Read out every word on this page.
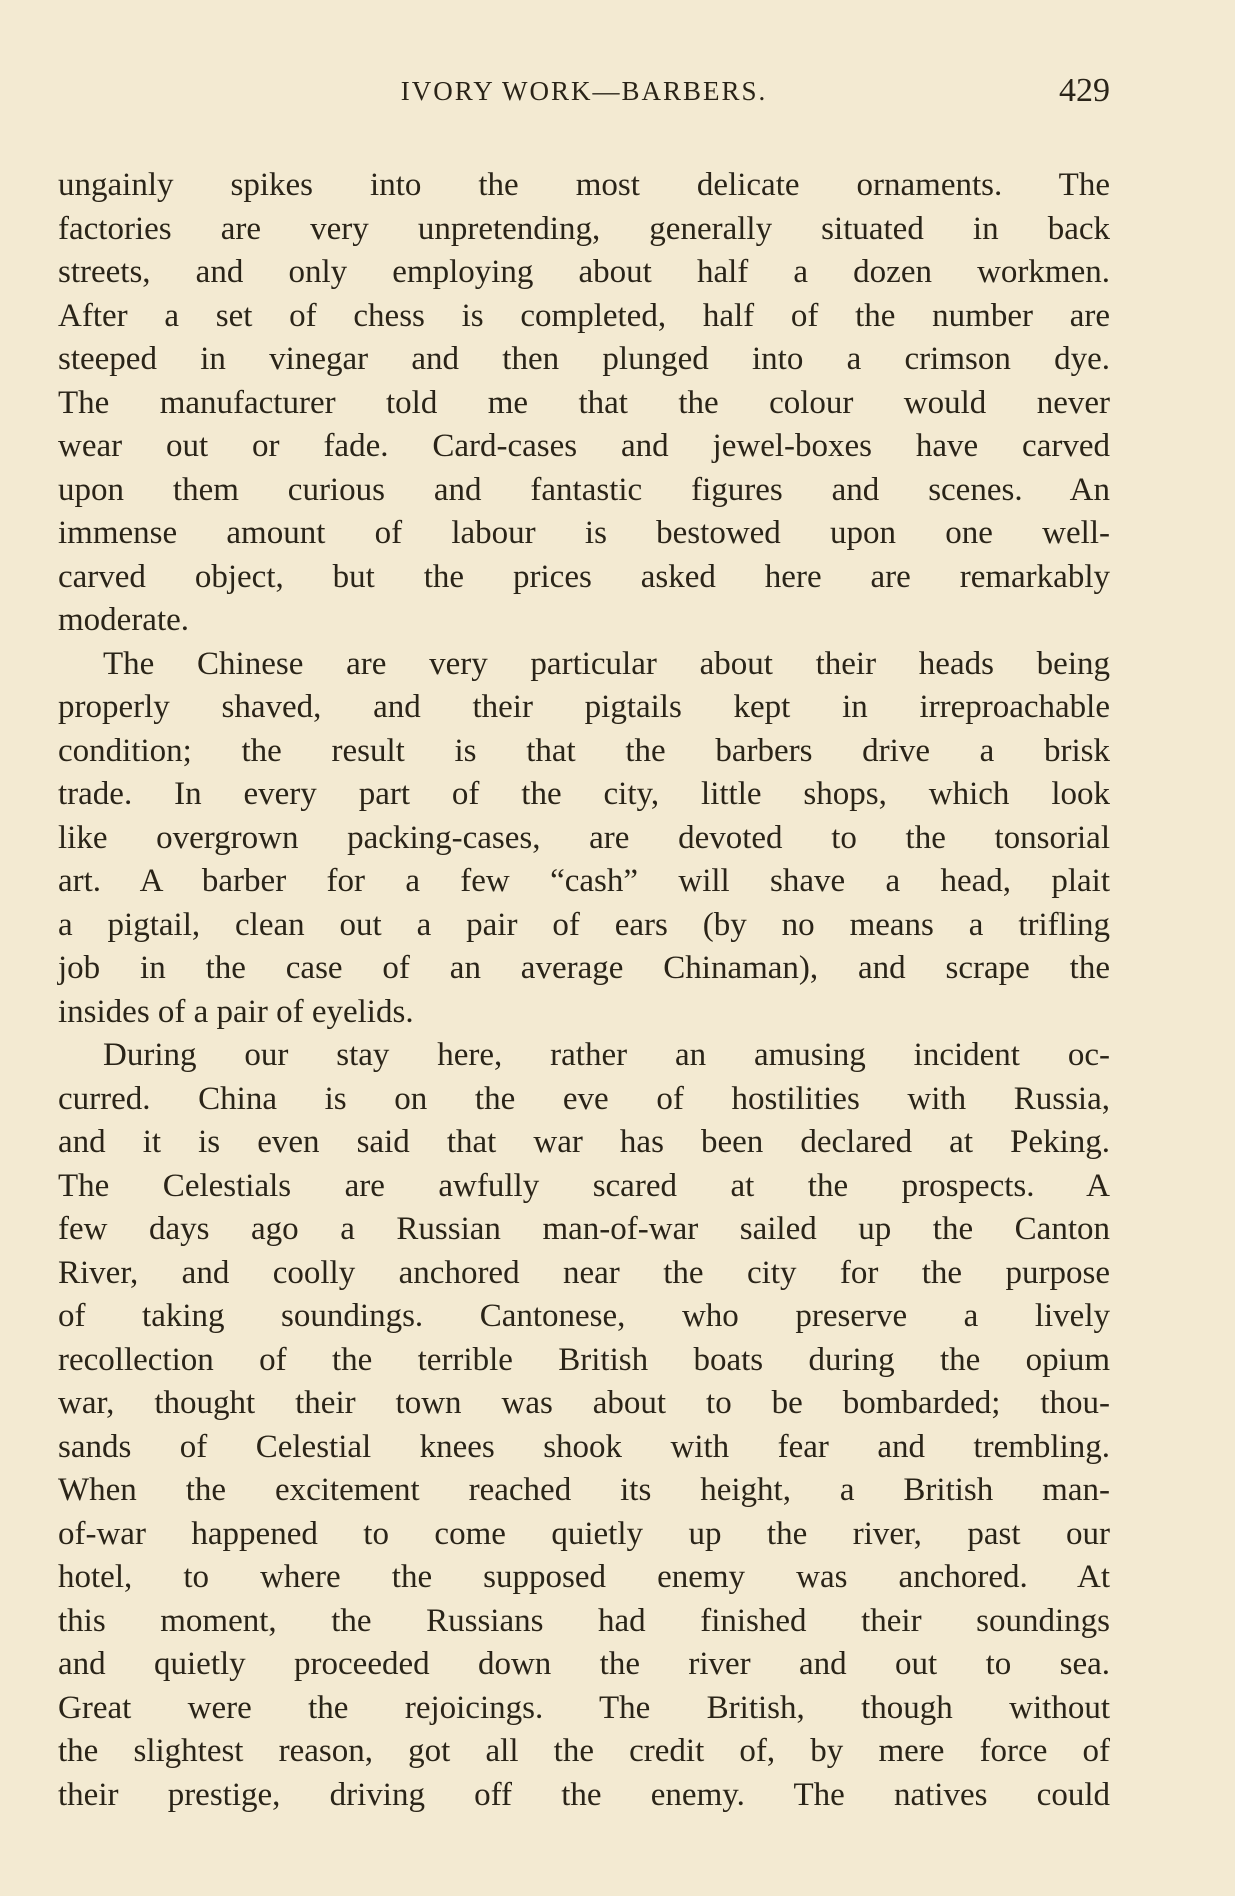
IVORY WORK—BARBERS.	429
ungainly spikes into the most delicate ornaments. The
factories are very unpretending, generally situated in back
streets, and only employing about half a dozen workmen.
After a set of chess is completed, half of the number are
steeped in vinegar and then plunged into a crimson dye.
The manufacturer told me that the colour would never
wear out or fade. Card-cases and jewel-boxes have carved
upon them curious and fantastic figures and scenes. An
immense amount of labour is bestowed upon one well-
carved object, but the prices asked here are remarkably
moderate.
The Chinese are very particular about their heads being
properly shaved, and their pigtails kept in irreproachable
condition; the result is that the barbers drive a brisk
trade. In every part of the city, little shops, which look
like overgrown packing-cases, are devoted to the tonsorial
art. A barber for a few “cash” will shave a head, plait
a pigtail, clean out a pair of ears (by no means a trifling
job in the case of an average Chinaman), and scrape the
insides of a pair of eyelids.
During our stay here, rather an amusing incident oc-
curred. China is on the eve of hostilities with Russia,
and it is even said that war has been declared at Peking.
The Celestials are awfully scared at the prospects. A
few days ago a Russian man-of-war sailed up the Canton
River, and coolly anchored near the city for the purpose
of taking soundings. Cantonese, who preserve a lively
recollection of the terrible British boats during the opium
war, thought their town was about to be bombarded; thou-
sands of Celestial knees shook with fear and trembling.
When the excitement reached its height, a British man-
of-war happened to come quietly up the river, past our
hotel, to where the supposed enemy was anchored. At
this moment, the Russians had finished their soundings
and quietly proceeded down the river and out to sea.
Great were the rejoicings. The British, though without
the slightest reason, got all the credit of, by mere force of
their prestige, driving off the enemy. The natives could
